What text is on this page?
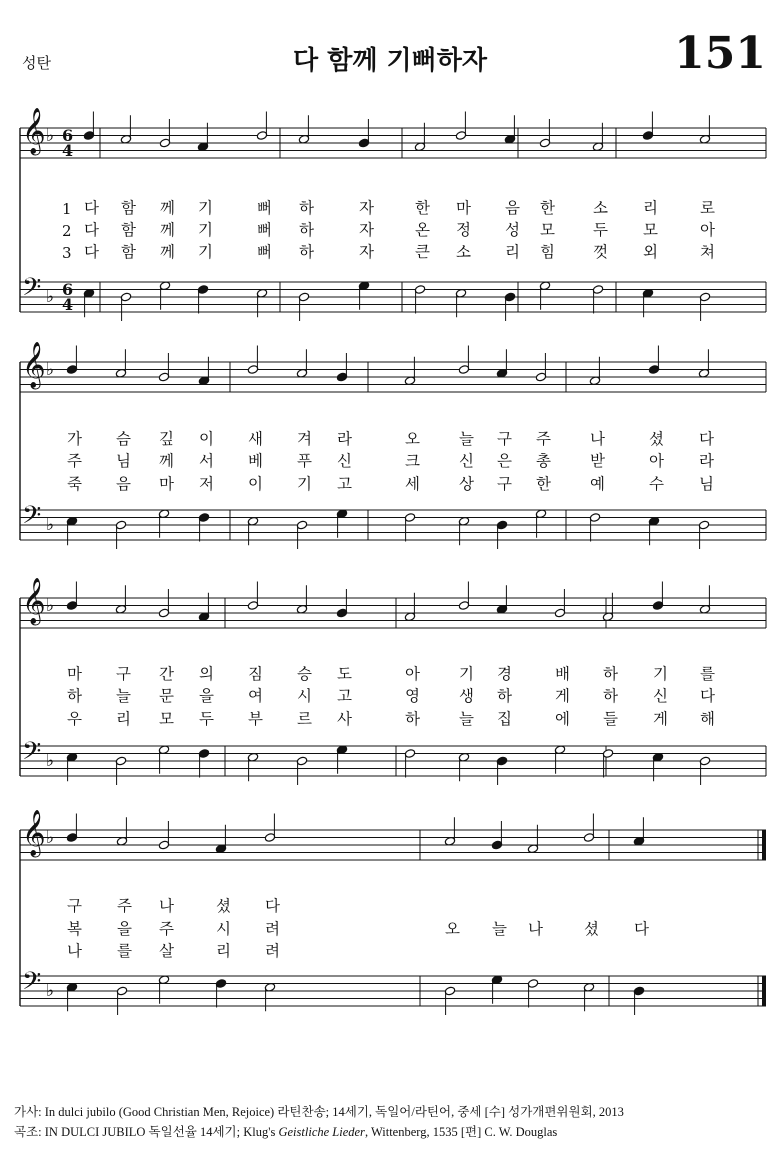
성탄	다 함께 기뻐하자	151
𝄞
𝄢
♭
♭
6
4
6
4
다 함 께 기	뻐 하	자	한 마 음 한 소 리	로
다 함 께 기	뻐 하	자	온 정 성 모 두 모	아
다 함 께 기	뻐 하	자	큰 소 리 힘 껏 외	쳐
1
2
3
𝄞
𝄢
♭
♭
가 슴 깊 이 새 겨 라	오	늘 구 주	나	셨 다
주 님 께 서 베 푸 신	크	신 은 총	받	아 라
죽 음 마 저 이 기 고	세	상 구 한	예	수 님
𝄞
𝄢
♭
♭
마 구 간 의 짐 승 도	아	기 경	배 하 기 를
하 늘 문 을 여 시 고	영	생 하	게 하 신 다
우 리 모 두 부 르 사	하	늘 집	에 들 게 해
𝄞
𝄢
♭
♭
구 주 나	셨 다
복 을 주	시 려	오 늘 나	셨 다
나 를 살	리 려
가사: In dulci jubilo (Good Christian Men, Rejoice) 라틴찬송; 14세기, 독일어/라틴어, 중세 [수] 성가개편위원회, 2013
곡조: IN DULCI JUBILO 독일선율 14세기; Klug's Geistliche Lieder, Wittenberg, 1535 [편] C. W. Douglas
